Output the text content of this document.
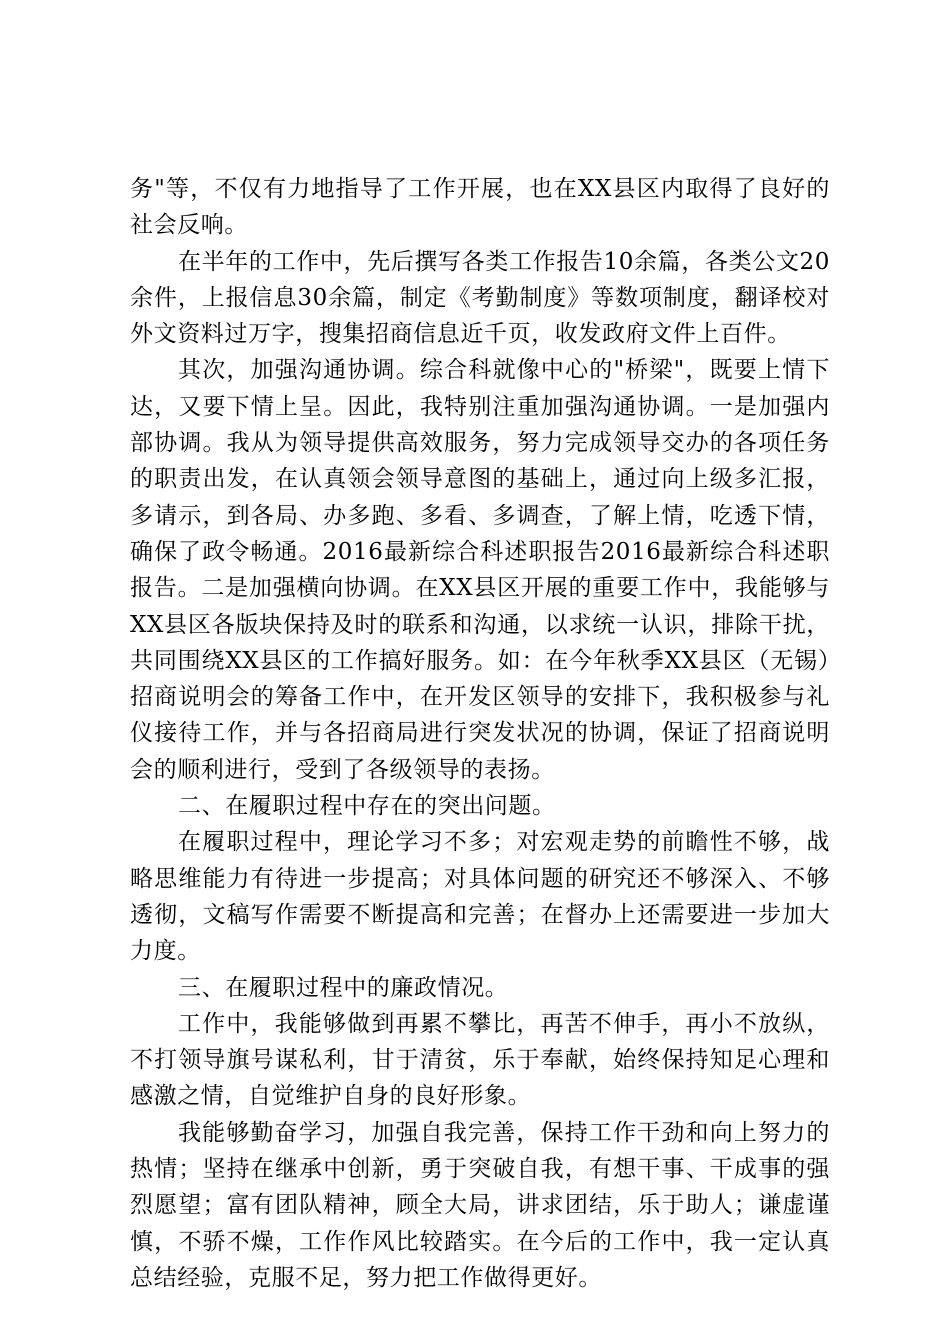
务"等，不仅有力地指导了工作开展，也在XX县区内取得了良好的社会反响。

在半年的工作中，先后撰写各类工作报告10余篇，各类公文20余件，上报信息30余篇，制定《考勤制度》等数项制度，翻译校对外文资料过万字，搜集招商信息近千页，收发政府文件上百件。

其次，加强沟通协调。综合科就像中心的"桥梁"，既要上情下达，又要下情上呈。因此，我特别注重加强沟通协调。一是加强内部协调。我从为领导提供高效服务，努力完成领导交办的各项任务的职责出发，在认真领会领导意图的基础上，通过向上级多汇报，多请示，到各局、办多跑、多看、多调查，了解上情，吃透下情，确保了政令畅通。2016最新综合科述职报告2016最新综合科述职报告。二是加强横向协调。在XX县区开展的重要工作中，我能够与XX县区各版块保持及时的联系和沟通，以求统一认识，排除干扰，共同围绕XX县区的工作搞好服务。如：在今年秋季XX县区（无锡）招商说明会的筹备工作中，在开发区领导的安排下，我积极参与礼仪接待工作，并与各招商局进行突发状况的协调，保证了招商说明会的顺利进行，受到了各级领导的表扬。

二、在履职过程中存在的突出问题。

在履职过程中，理论学习不多；对宏观走势的前瞻性不够，战略思维能力有待进一步提高；对具体问题的研究还不够深入、不够透彻，文稿写作需要不断提高和完善；在督办上还需要进一步加大力度。

三、在履职过程中的廉政情况。

工作中，我能够做到再累不攀比，再苦不伸手，再小不放纵，不打领导旗号谋私利，甘于清贫，乐于奉献，始终保持知足心理和感激之情，自觉维护自身的良好形象。

我能够勤奋学习，加强自我完善，保持工作干劲和向上努力的热情；坚持在继承中创新，勇于突破自我，有想干事、干成事的强烈愿望；富有团队精神，顾全大局，讲求团结，乐于助人；谦虚谨慎，不骄不燥，工作作风比较踏实。在今后的工作中，我一定认真总结经验，克服不足，努力把工作做得更好。
